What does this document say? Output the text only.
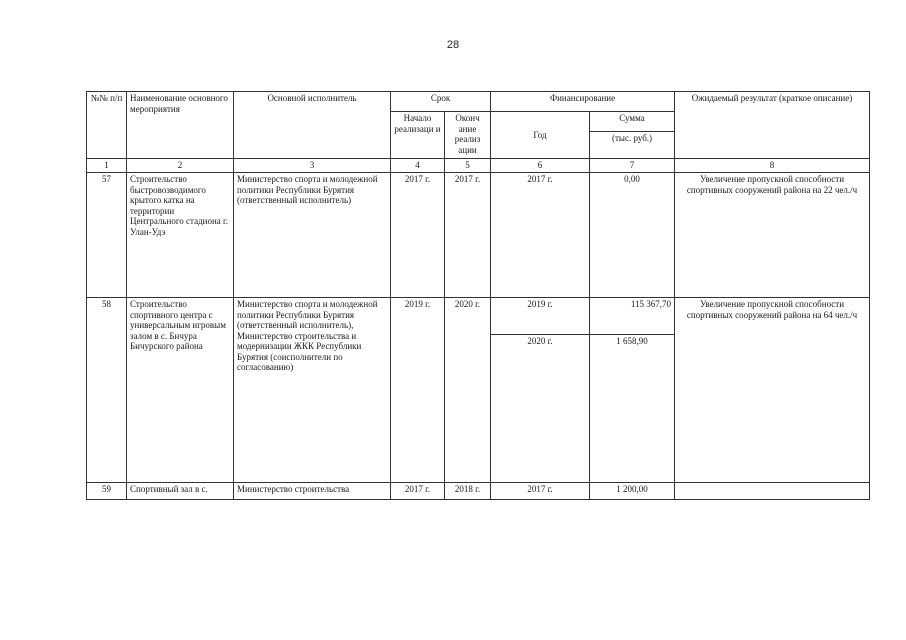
28
№№ п/п	Наименование основного мероприятия	Основной исполнитель	Срок		Финансирование		Ожидаемый результат (краткое описание)
			Начало реализаци и	Оконч ание реализ ации	Год	Сумма	
						(тыс. руб.)	
1	2	3	4	5	6	7	8
57	Строительство быстровозводимого крытого катка на территории Центрального стадиона г. Улан-Удэ	Министерство спорта и молодежной политики Республики Бурятия (ответственный исполнитель)	2017 г.	2017 г.	2017 г.	0,00	Увеличение пропускной способности спортивных сооружений района на 22 чел./ч
58	Строительство спортивного центра с универсальным игровым залом в с. Бичура Бичурского района	Министерство спорта и молодежной политики Республики Бурятия (ответственный исполнитель), Министерство строительства и модернизации ЖКК Республики Бурятия (соисполнители по согласованию)	2019 г.	2020 г.	2019 г.	115 367,70	Увеличение пропускной способности спортивных сооружений района на 64 чел./ч
					2020 г.	1 658,90	
59	Спортивный зал в с.	Министерство строительства	2017 г.	2018 г.	2017 г.	1 200,00	
